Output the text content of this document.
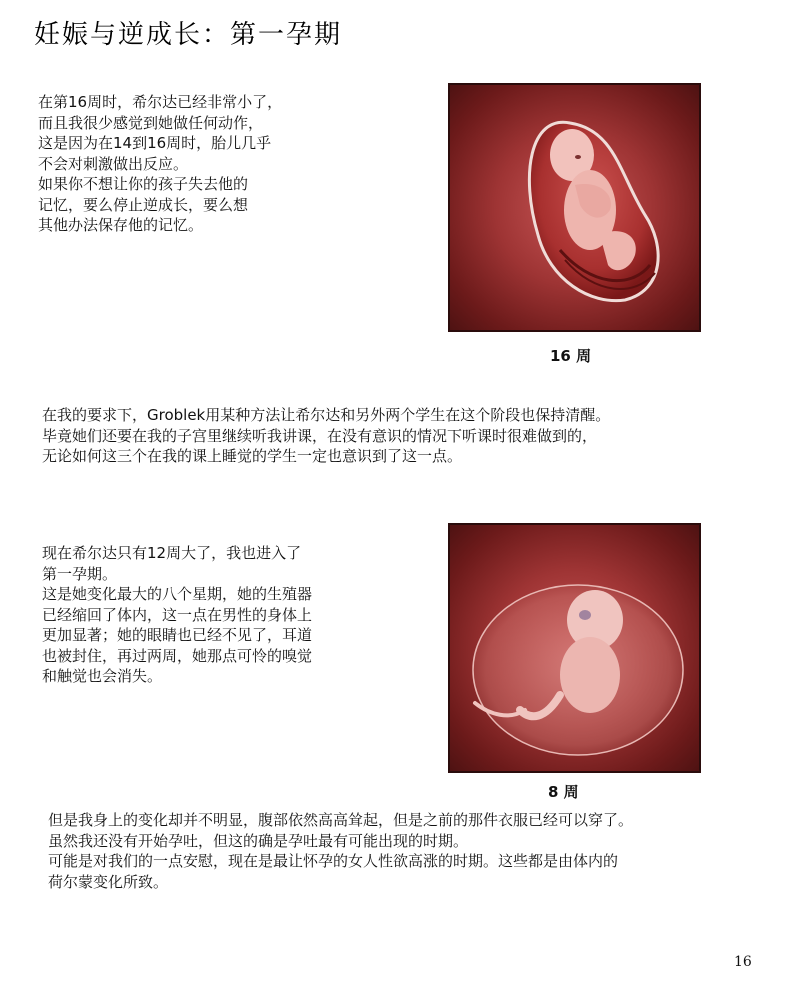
妊娠与逆成长：第一孕期
在第16周时，希尔达已经非常小了，
而且我很少感觉到她做任何动作，
这是因为在14到16周时，胎儿几乎
不会对刺激做出反应。
如果你不想让你的孩子失去他的
记忆，要么停止逆成长，要么想
其他办法保存他的记忆。
16 周
在我的要求下，Groblek用某种方法让希尔达和另外两个学生在这个阶段也保持清醒。
毕竟她们还要在我的子宫里继续听我讲课，在没有意识的情况下听课时很难做到的，
无论如何这三个在我的课上睡觉的学生一定也意识到了这一点。
现在希尔达只有12周大了，我也进入了
第一孕期。
这是她变化最大的八个星期，她的生殖器
已经缩回了体内，这一点在男性的身体上
更加显著；她的眼睛也已经不见了，耳道
也被封住，再过两周，她那点可怜的嗅觉
和触觉也会消失。
8 周
但是我身上的变化却并不明显，腹部依然高高耸起，但是之前的那件衣服已经可以穿了。
虽然我还没有开始孕吐，但这的确是孕吐最有可能出现的时期。
可能是对我们的一点安慰，现在是最让怀孕的女人性欲高涨的时期。这些都是由体内的
荷尔蒙变化所致。
16
